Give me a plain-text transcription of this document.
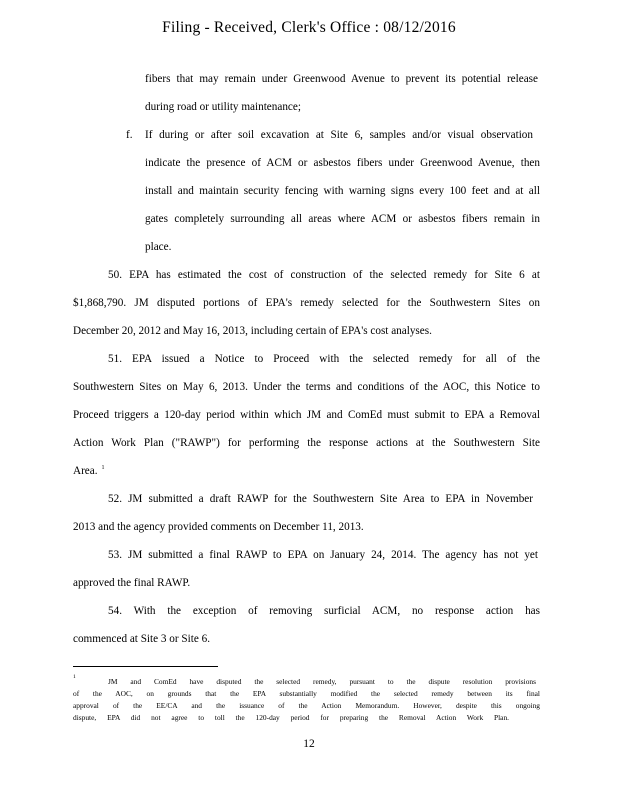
Filing - Received, Clerk's Office : 08/12/2016
fibers that may remain under Greenwood Avenue to prevent its potential release
during road or utility maintenance;
f. If during or after soil excavation at Site 6, samples and/or visual observation
indicate the presence of ACM or asbestos fibers under Greenwood Avenue, then
install and maintain security fencing with warning signs every 100 feet and at all
gates completely surrounding all areas where ACM or asbestos fibers remain in
place.
50. EPA has estimated the cost of construction of the selected remedy for Site 6 at
$1,868,790. JM disputed portions of EPA's remedy selected for the Southwestern Sites on
December 20, 2012 and May 16, 2013, including certain of EPA's cost analyses.
51. EPA issued a Notice to Proceed with the selected remedy for all of the
Southwestern Sites on May 6, 2013. Under the terms and conditions of the AOC, this Notice to
Proceed triggers a 120-day period within which JM and ComEd must submit to EPA a Removal
Action Work Plan ("RAWP") for performing the response actions at the Southwestern Site
Area. $^1$
52. JM submitted a draft RAWP for the Southwestern Site Area to EPA in November
2013 and the agency provided comments on December 11, 2013.
53. JM submitted a final RAWP to EPA on January 24, 2014. The agency has not yet
approved the final RAWP.
54. With the exception of removing surficial ACM, no response action has
commenced at Site 3 or Site 6.
1	JM and ComEd have disputed the selected remedy, pursuant to the dispute resolution provisions
of the AOC, on grounds that the EPA substantially modified the selected remedy between its final
approval of the EE/CA and the issuance of the Action Memorandum. However, despite this ongoing
dispute, EPA did not agree to toll the 120-day period for preparing the Removal Action Work Plan.
12
